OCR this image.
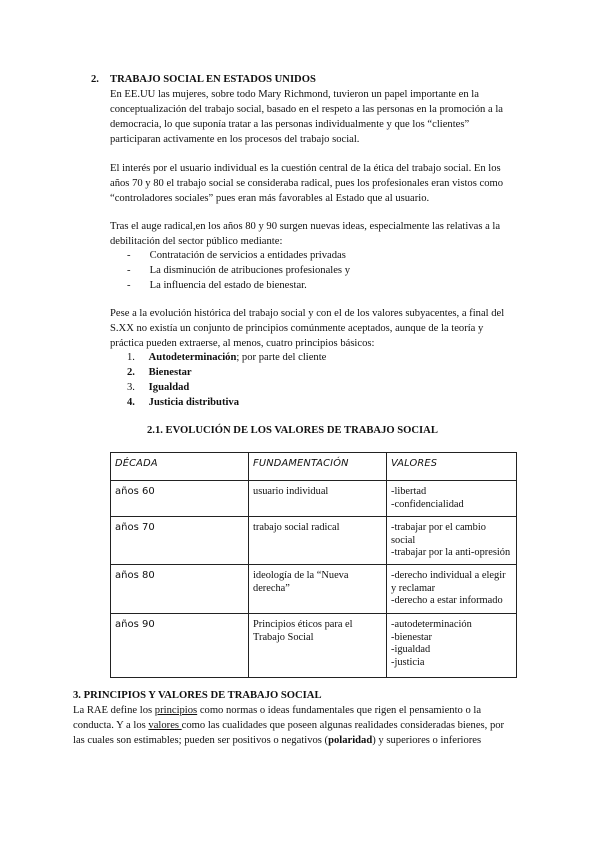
2. TRABAJO SOCIAL EN ESTADOS UNIDOS
En EE.UU las mujeres, sobre todo Mary Richmond, tuvieron un papel importante en la
conceptualización del trabajo social, basado en el respeto a las personas en la promoción a la
democracia, lo que suponía tratar a las personas individualmente y que los “clientes”
participaran activamente en los procesos del trabajo social.
El interés por el usuario individual es la cuestión central de la ética del trabajo social. En los
años 70 y 80 el trabajo social se consideraba radical, pues los profesionales eran vistos como
“controladores sociales” pues eran más favorables al Estado que al usuario.
Tras el auge radical,en los años 80 y 90 surgen nuevas ideas, especialmente las relativas a la
debilitación del sector público mediante:
- Contratación de servicios a entidades privadas
- La disminución de atribuciones profesionales y
- La influencia del estado de bienestar.
Pese a la evolución histórica del trabajo social y con el de los valores subyacentes, a final del
S.XX no existía un conjunto de principios comúnmente aceptados, aunque de la teoría y
práctica pueden extraerse, al menos, cuatro principios básicos:
1. Autodeterminación; por parte del cliente
2. Bienestar
3. Igualdad
4. Justicia distributiva
2.1. EVOLUCIÓN DE LOS VALORES DE TRABAJO SOCIAL
DÉCADA	FUNDAMENTACIÓN	VALORES
años 60	usuario individual	-libertad
-confidencialidad

años 70	trabajo social radical	-trabajar por el cambio social
-trabajar por la anti-opresión

años 80	ideología de la “Nueva derecha”	-derecho individual a elegir y reclamar
-derecho a estar informado

años 90	Principios éticos para el Trabajo Social	-autodeterminación
-bienestar
-igualdad
-justicia
3. PRINCIPIOS Y VALORES DE TRABAJO SOCIAL
La RAE define los principios como normas o ideas fundamentales que rigen el pensamiento o la
conducta. Y a los valores como las cualidades que poseen algunas realidades consideradas bienes, por
las cuales son estimables; pueden ser positivos o negativos (polaridad) y superiores o inferiores
